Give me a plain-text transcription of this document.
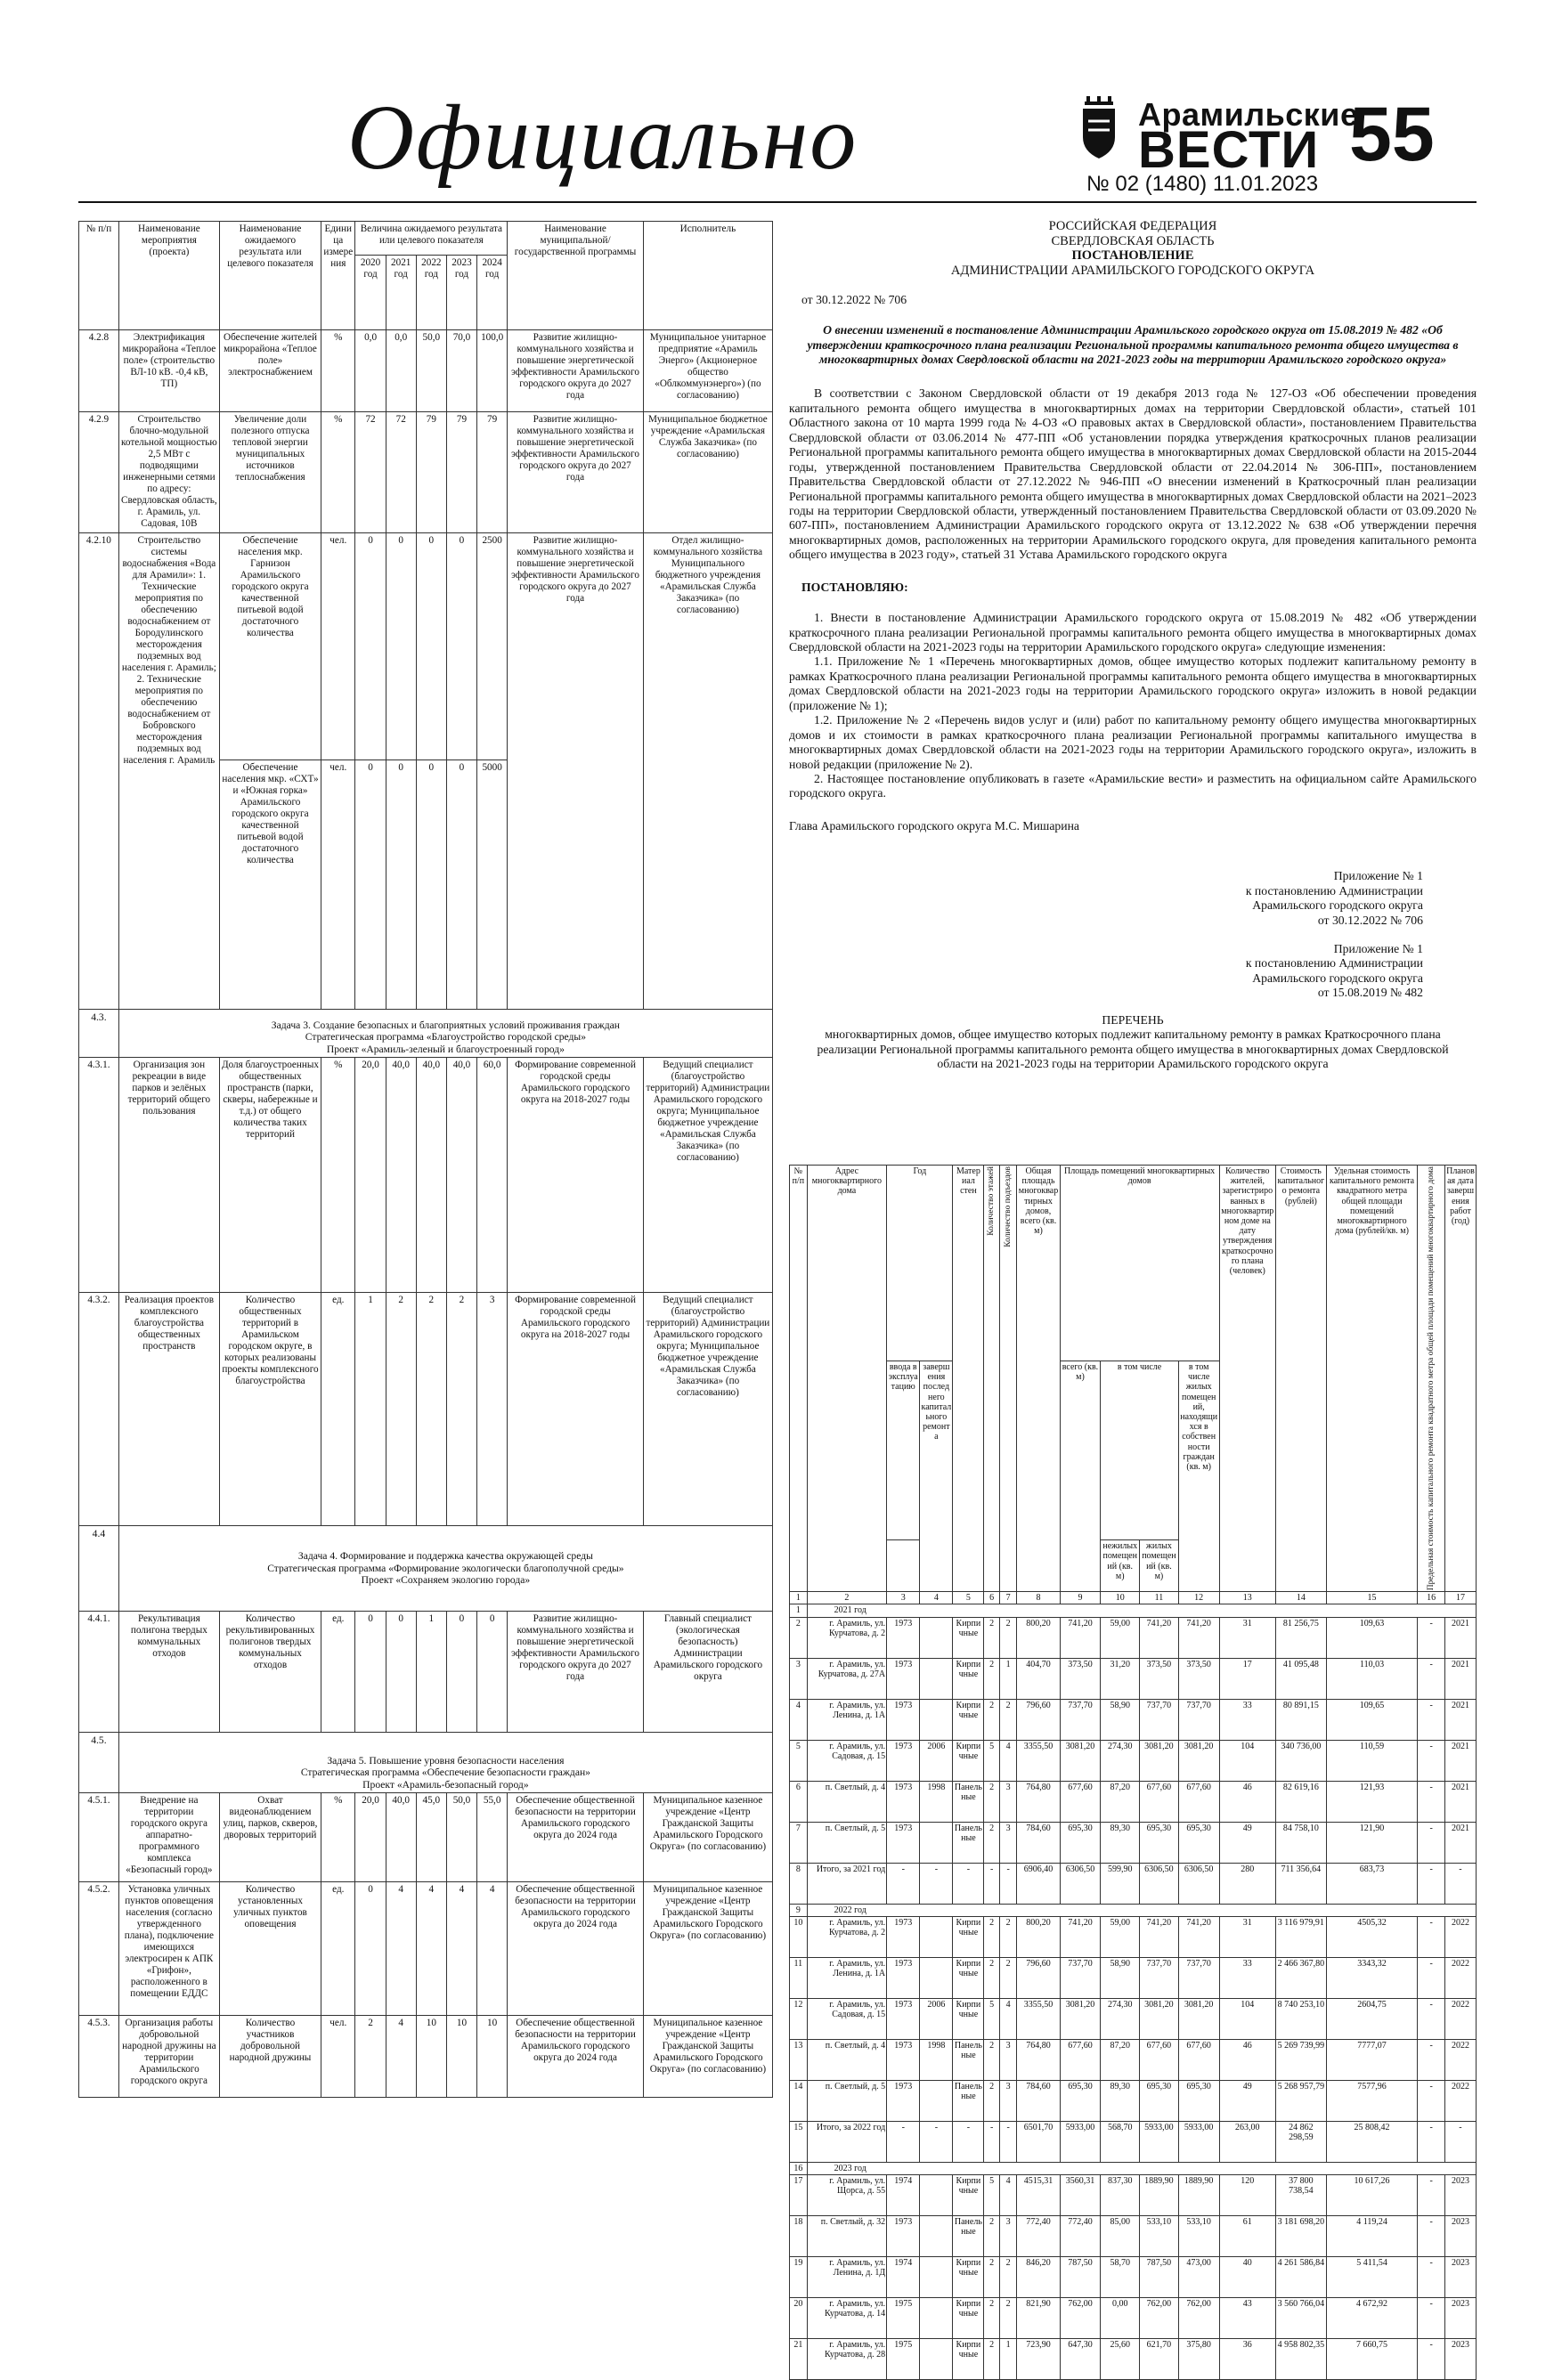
Официально	Арамильские
ВЕСТИ 55
№ 02 (1480) 11.01.2023
№ п/п	Наименование мероприятия (проекта)	Наименование ожидаемого результата или целевого показателя	Единица измерения	Величина ожидаемого результата или целевого показателя					Наименование муниципальной/государственной программы	Исполнитель
				2020 год	2021 год	2022 год	2023 год	2024 год		
4.2.8	Электрификация микрорайона «Теплое поле» (строительство ВЛ-10 кВ. -0,4 кВ, ТП)	Обеспечение жителей микрорайона «Теплое поле» электроснабжением	%	0,0	0,0	50,0	70,0	100,0	Развитие жилищно-коммунального хозяйства и повышение энергетической эффективности Арамильского городского округа до 2027 года	Муниципальное унитарное предприятие «Арамиль Энерго» (Акционерное общество «Облкоммунэнерго») (по согласованию)
4.2.9	Строительство блочно-модульной котельной мощностью 2,5 МВт с подводящими инженерными сетями по адресу: Свердловская область, г. Арамиль, ул. Садовая, 10В	Увеличение доли полезного отпуска тепловой энергии муниципальных источников теплоснабжения	%	72	72	79	79	79	Развитие жилищно-коммунального хозяйства и повышение энергетической эффективности Арамильского городского округа до 2027 года	Муниципальное бюджетное учреждение «Арамильская Служба Заказчика» (по согласованию)
4.2.10	Строительство системы водоснабжения «Вода для Арамили»: 1. Технические мероприятия по обеспечению водоснабжением от Бородулинского месторождения подземных вод населения г. Арамиль; 2. Технические мероприятия по обеспечению водоснабжением от Бобровского месторождения подземных вод населения г. Арамиль	Обеспечение населения мкр. Гарнизон Арамильского городского округа качественной питьевой водой достаточного количества	чел.	0	0	0	0	2500	Развитие жилищно-коммунального хозяйства и повышение энергетической эффективности Арамильского городского округа до 2027 года	Отдел жилищно-коммунального хозяйства Муниципального бюджетного учреждения «Арамильская Служба Заказчика» (по согласованию)
		Обеспечение населения мкр. «СХТ» и «Южная горка» Арамильского городского округа качественной питьевой водой достаточного количества	чел.	0	0	0	0	5000		
4.3.	Задача 3. Создание безопасных и благоприятных условий проживания граждан
Стратегическая программа «Благоустройство городской среды»
Проект «Арамиль-зеленый и благоустроенный город»									

4.3.1.	Организация зон рекреации в виде парков и зелёных территорий общего пользования	Доля благоустроенных общественных пространств (парки, скверы, набережные и т.д.) от общего количества таких территорий	%	20,0	40,0	40,0	40,0	60,0	Формирование современной городской среды Арамильского городского округа на 2018-2027 годы	Ведущий специалист (благоустройство территорий) Администрации Арамильского городского округа; Муниципальное бюджетное учреждение «Арамильская Служба Заказчика» (по согласованию)
4.3.2.	Реализация проектов комплексного благоустройства общественных пространств	Количество общественных территорий в Арамильском городском округе, в которых реализованы проекты комплексного благоустройства	ед.	1	2	2	2	3	Формирование современной городской среды Арамильского городского округа на 2018-2027 годы	Ведущий специалист (благоустройство территорий) Администрации Арамильского городского округа; Муниципальное бюджетное учреждение «Арамильская Служба Заказчика» (по согласованию)
4.4	Задача 4. Формирование и поддержка качества окружающей среды
Стратегическая программа «Формирование экологически благополучной среды»
Проект «Сохраняем экологию города»									

4.4.1.	Рекультивация полигона твердых коммунальных отходов	Количество рекультивированных полигонов твердых коммунальных отходов	ед.	0	0	1	0	0	Развитие жилищно-коммунального хозяйства и повышение энергетической эффективности Арамильского городского округа до 2027 года	Главный специалист (экологическая безопасность) Администрации Арамильского городского округа
4.5.	Задача 5. Повышение уровня безопасности населения
Стратегическая программа «Обеспечение безопасности граждан»
Проект «Арамиль-безопасный город»									

4.5.1.	Внедрение на территории городского округа аппаратно-программного комплекса «Безопасный город»	Охват видеонаблюдением улиц, парков, скверов, дворовых территорий	%	20,0	40,0	45,0	50,0	55,0	Обеспечение общественной безопасности на территории Арамильского городского округа до 2024 года	Муниципальное казенное учреждение «Центр Гражданской Защиты Арамильского Городского Округа» (по согласованию)
4.5.2.	Установка уличных пунктов оповещения населения (согласно утвержденного плана), подключение имеющихся электросирен к АПК «Грифон», расположенного в помещении ЕДДС	Количество установленных уличных пунктов оповещения	ед.	0	4	4	4	4	Обеспечение общественной безопасности на территории Арамильского городского округа до 2024 года	Муниципальное казенное учреждение «Центр Гражданской Защиты Арамильского Городского Округа» (по согласованию)
4.5.3.	Организация работы добровольной народной дружины на территории Арамильского городского округа	Количество участников добровольной народной дружины	чел.	2	4	10	10	10	Обеспечение общественной безопасности на территории Арамильского городского округа до 2024 года	Муниципальное казенное учреждение «Центр Гражданской Защиты Арамильского Городского Округа» (по согласованию)
РОССИЙСКАЯ ФЕДЕРАЦИЯ
СВЕРДЛОВСКАЯ ОБЛАСТЬ
ПОСТАНОВЛЕНИЕ
АДМИНИСТРАЦИИ АРАМИЛЬСКОГО ГОРОДСКОГО ОКРУГА
от 30.12.2022 № 706
О внесении изменений в постановление Администрации Арамильского городского округа от 15.08.2019 № 482 «Об утверждении краткосрочного плана реализации Региональной программы капитального ремонта общего имущества в многоквартирных домах Свердловской области на 2021-2023 годы на территории Арамильского городского округа»

В соответствии с Законом Свердловской области от 19 декабря 2013 года № 127-ОЗ «Об обеспечении проведения капитального ремонта общего имущества в многоквартирных домах на территории Свердловской области», статьей 101 Областного закона от 10 марта 1999 года № 4-ОЗ «О правовых актах в Свердловской области», постановлением Правительства Свердловской области от 03.06.2014 № 477-ПП «Об установлении порядка утверждения краткосрочных планов реализации Региональной программы капитального ремонта общего имущества в многоквартирных домах Свердловской области на 2015-2044 годы, утвержденной постановлением Правительства Свердловской области от 22.04.2014 № 306-ПП», постановлением Правительства Свердловской области от 27.12.2022 № 946-ПП «О внесении изменений в Краткосрочный план реализации Региональной программы капитального ремонта общего имущества в многоквартирных домах Свердловской области на 2021–2023 годы на территории Свердловской области, утвержденный постановлением Правительства Свердловской области от 03.09.2020 № 607-ПП», постановлением Администрации Арамильского городского округа от 13.12.2022 № 638 «Об утверждении перечня многоквартирных домов, расположенных на территории Арамильского городского округа, для проведения капитального ремонта общего имущества в 2023 году», статьей 31 Устава Арамильского городского округа

ПОСТАНОВЛЯЮ:

1. Внести в постановление Администрации Арамильского городского округа от 15.08.2019 № 482 «Об утверждении краткосрочного плана реализации Региональной программы капитального ремонта общего имущества в многоквартирных домах Свердловской области на 2021-2023 годы на территории Арамильского городского округа» следующие изменения:

1.1. Приложение № 1 «Перечень многоквартирных домов, общее имущество которых подлежит капитальному ремонту в рамках Краткосрочного плана реализации Региональной программы капитального ремонта общего имущества в многоквартирных домах Свердловской области на 2021-2023 годы на территории Арамильского городского округа» изложить в новой редакции (приложение № 1);

1.2. Приложение № 2 «Перечень видов услуг и (или) работ по капитальному ремонту общего имущества многоквартирных домов и их стоимости в рамках краткосрочного плана реализации Региональной программы капитального имущества в многоквартирных домах Свердловской области на 2021-2023 годы на территории Арамильского городского округа», изложить в новой редакции (приложение № 2).

2. Настоящее постановление опубликовать в газете «Арамильские вести» и разместить на официальном сайте Арамильского городского округа.

Глава Арамильского городского округа М.С. Мишарина
Приложение № 1
к постановлению Администрации
Арамильского городского округа
от 30.12.2022 № 706
Приложение № 1
к постановлению Администрации
Арамильского городского округа
от 15.08.2019 № 482
ПЕРЕЧЕНЬ
многоквартирных домов, общее имущество которых подлежит капитальному ремонту в рамках Краткосрочного плана реализации Региональной программы капитального ремонта общего имущества в многоквартирных домах Свердловской области на 2021-2023 годы на территории Арамильского городского округа
№ п/п	Адрес многоквартирного дома	Год		Материал стен	Количество этажей	Количество подъездов	Общая площадь многоквартирных домов, всего (кв. м)	Площадь помещений многоквартирных домов				Количество жителей, зарегистрированных в многоквартирном доме на дату утверждения краткосрочного плана (человек)	Стоимость капитального ремонта (рублей)	Удельная стоимость капитального ремонта квадратного метра общей площади помещений многоквартирного дома (рублей/кв. м)	Предельная стоимость капитального ремонта квадратного метра общей площади помещений многоквартирного дома	Плановая дата завершения работ (год)
		ввода в эксплуатацию	завершения последнего капитального ремонта					всего (кв. м)	в том числе		в том числе жилых помещений, находящихся в собственности граждан (кв. м)					
									нежилых помещений (кв. м)	жилых помещений (кв. м)						
1	2	3	4	5	6	7	8	9	10	11	12	13	14	15	16	17
1	2021 год															
2	г. Арамиль, ул. Курчатова, д. 2	1973		Кирпичные	2	2	800,20	741,20	59,00	741,20	741,20	31	81 256,75	109,63	-	2021
3	г. Арамиль, ул. Курчатова, д. 27А	1973		Кирпичные	2	1	404,70	373,50	31,20	373,50	373,50	17	41 095,48	110,03	-	2021
4	г. Арамиль, ул. Ленина, д. 1А	1973		Кирпичные	2	2	796,60	737,70	58,90	737,70	737,70	33	80 891,15	109,65	-	2021
5	г. Арамиль, ул. Садовая, д. 15	1973	2006	Кирпичные	5	4	3355,50	3081,20	274,30	3081,20	3081,20	104	340 736,00	110,59	-	2021
6	п. Светлый, д. 4	1973	1998	Панельные	2	3	764,80	677,60	87,20	677,60	677,60	46	82 619,16	121,93	-	2021
7	п. Светлый, д. 5	1973		Панельные	2	3	784,60	695,30	89,30	695,30	695,30	49	84 758,10	121,90	-	2021
8	Итого, за 2021 год	-	-	-	-	-	6906,40	6306,50	599,90	6306,50	6306,50	280	711 356,64	683,73	-	-
9	2022 год															
10	г. Арамиль, ул. Курчатова, д. 2	1973		Кирпичные	2	2	800,20	741,20	59,00	741,20	741,20	31	3 116 979,91	4505,32	-	2022
11	г. Арамиль, ул. Ленина, д. 1А	1973		Кирпичные	2	2	796,60	737,70	58,90	737,70	737,70	33	2 466 367,80	3343,32	-	2022
12	г. Арамиль, ул. Садовая, д. 15	1973	2006	Кирпичные	5	4	3355,50	3081,20	274,30	3081,20	3081,20	104	8 740 253,10	2604,75	-	2022
13	п. Светлый, д. 4	1973	1998	Панельные	2	3	764,80	677,60	87,20	677,60	677,60	46	5 269 739,99	7777,07	-	2022
14	п. Светлый, д. 5	1973		Панельные	2	3	784,60	695,30	89,30	695,30	695,30	49	5 268 957,79	7577,96	-	2022
15	Итого, за 2022 год	-	-	-	-	-	6501,70	5933,00	568,70	5933,00	5933,00	263,00	24 862 298,59	25 808,42	-	-
16	2023 год															
17	г. Арамиль, ул. Щорса, д. 55	1974		Кирпичные	5	4	4515,31	3560,31	837,30	1889,90	1889,90	120	37 800 738,54	10 617,26	-	2023
18	п. Светлый, д. 32	1973		Панельные	2	3	772,40	772,40	85,00	533,10	533,10	61	3 181 698,20	4 119,24	-	2023
19	г. Арамиль, ул. Ленина, д. 1Д	1974		Кирпичные	2	2	846,20	787,50	58,70	787,50	473,00	40	4 261 586,84	5 411,54	-	2023
20	г. Арамиль, ул. Курчатова, д. 14	1975		Кирпичные	2	2	821,90	762,00	0,00	762,00	762,00	43	3 560 766,04	4 672,92	-	2023
21	г. Арамиль, ул. Курчатова, д. 28	1975		Кирпичные	2	1	723,90	647,30	25,60	621,70	375,80	36	4 958 802,35	7 660,75	-	2023
